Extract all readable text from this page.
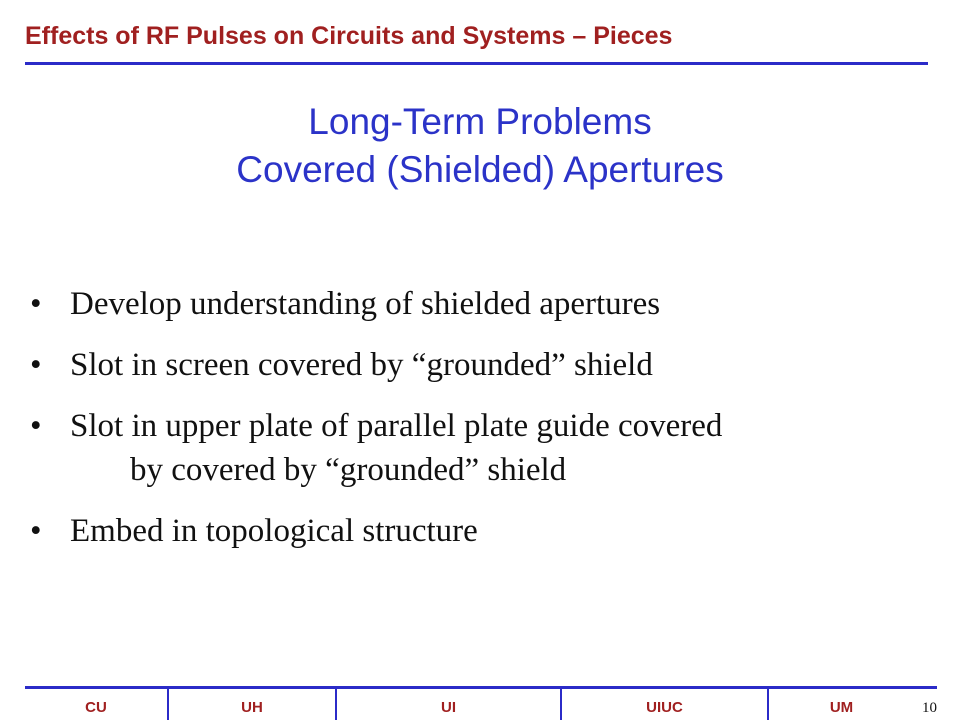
Effects of RF Pulses on Circuits and Systems – Pieces
Long-Term Problems
Covered (Shielded) Apertures
• Develop understanding of shielded apertures
• Slot in screen covered by “grounded” shield
• Slot in upper plate of parallel plate guide covered
by covered by “grounded” shield
• Embed in topological structure
CU	UH	UI	UIUC	UM	10
